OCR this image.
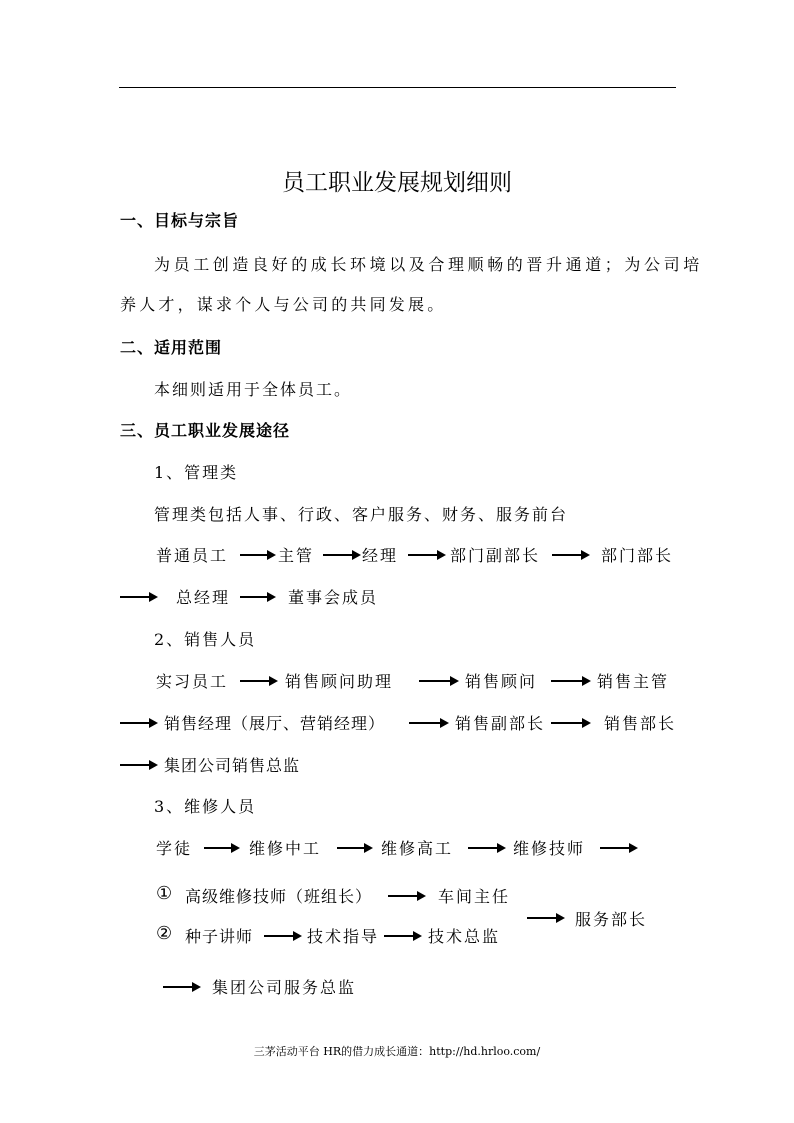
员工职业发展规划细则
一、目标与宗旨
为员工创造良好的成长环境以及合理顺畅的晋升通道；为公司培
养人才，谋求个人与公司的共同发展。
二、适用范围
本细则适用于全体员工。
三、员工职业发展途径
1、管理类
管理类包括人事、行政、客户服务、财务、服务前台
普通员工	主管	经理	部门副部长	部门部长
总经理	董事会成员
2、销售人员
实习员工	销售顾问助理	销售顾问	销售主管
销售经理（展厅、营销经理）	销售副部长	销售部长
集团公司销售总监
3、维修人员
学徒	维修中工	维修高工	维修技师
① 高级维修技师（班组长）	车间主任
服务部长
② 种子讲师	技术指导	技术总监
集团公司服务总监
三茅活动平台 HR的借力成长通道：http://hd.hrloo.com/
